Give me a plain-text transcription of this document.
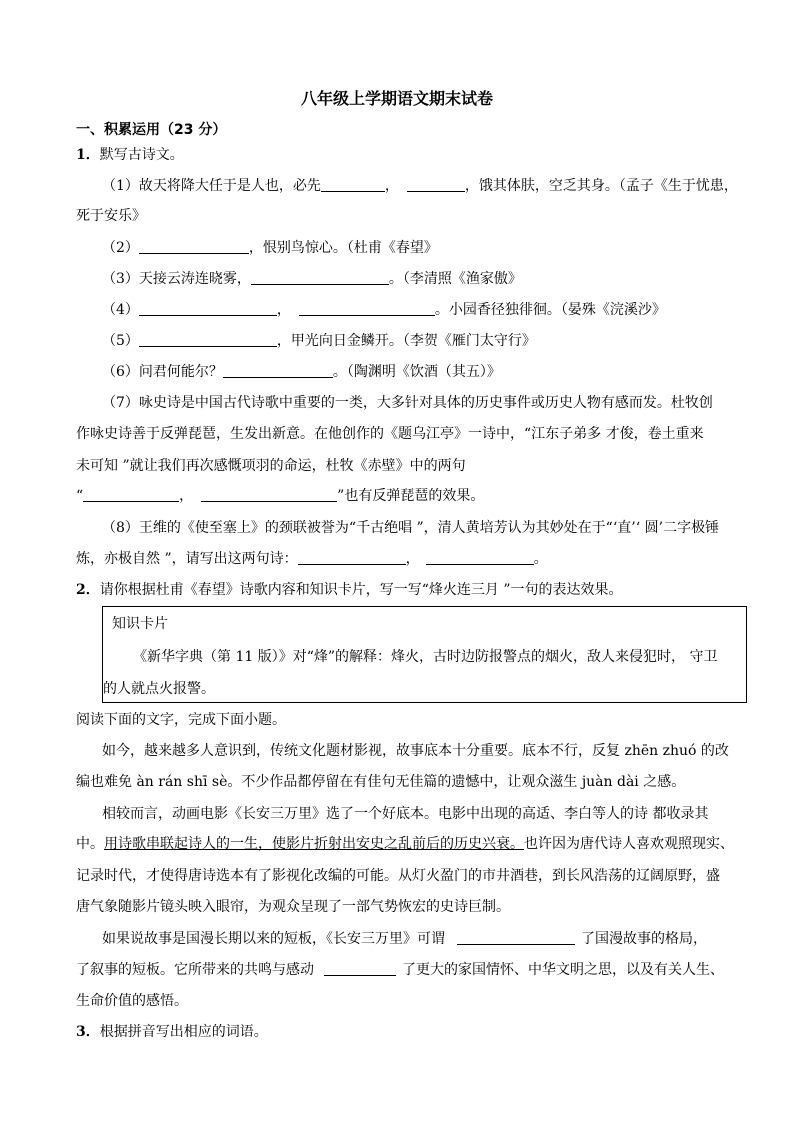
八年级上学期语文期末试卷
一、积累运用（23 分）
1．默写古诗文。
（1）故天将降大任于是人也，必先	，	，饿其体肤，空乏其身。（孟子《生于忧患，
死于安乐》
（2）	，恨别鸟惊心。（杜甫《春望》
（3）天接云涛连晓雾，	。（李清照《渔家傲》
（4）	，	。小园香径独徘徊。（晏殊《浣溪沙》
（5）	，甲光向日金鳞开。（李贺《雁门太守行》
（6）问君何能尔？	。（陶渊明《饮酒（其五）》
（7）咏史诗是中国古代诗歌中重要的一类，大多针对具体的历史事件或历史人物有感而发。杜牧创
作咏史诗善于反弹琵琶，生发出新意。在他创作的《题乌江亭》一诗中，“江东子弟多 才俊，卷土重来
未可知 ”就让我们再次感慨项羽的命运，杜牧《赤壁》中的两句
“	，	”也有反弹琵琶的效果。
（8）王维的《使至塞上》的颈联被誉为“千古绝唱 ”，清人黄培芳认为其妙处在于“‘直’‘ 圆’二字极锤
炼，亦极自然 ”，请写出这两句诗：	，	。
2．请你根据杜甫《春望》诗歌内容和知识卡片，写一写“烽火连三月 ”一句的表达效果。
知识卡片
《新华字典（第 11 版）》对“烽”的解释：烽火，古时边防报警点的烟火，敌人来侵犯时， 守卫
的人就点火报警。
阅读下面的文字，完成下面小题。
如今，越来越多人意识到，传统文化题材影视，故事底本十分重要。底本不行，反复 zhēn zhuó 的改
编也难免 àn rán shī sè。不少作品都停留在有佳句无佳篇的遗憾中，让观众滋生 juàn dài 之感。
相较而言，动画电影《长安三万里》选了一个好底本。电影中出现的高适、李白等人的诗 都收录其
中。用诗歌串联起诗人的一生，使影片折射出安史之乱前后的历史兴衰。也许因为唐代诗人喜欢观照现实、
记录时代，才使得唐诗选本有了影视化改编的可能。从灯火盈门的市井酒巷，到长风浩荡的辽阔原野，盛
唐气象随影片镜头映入眼帘，为观众呈现了一部气势恢宏的史诗巨制。
如果说故事是国漫长期以来的短板，《长安三万里》可谓	了国漫故事的格局，
了叙事的短板。它所带来的共鸣与感动	了更大的家国情怀、中华文明之思，以及有关人生、
生命价值的感悟。
3．根据拼音写出相应的词语。
